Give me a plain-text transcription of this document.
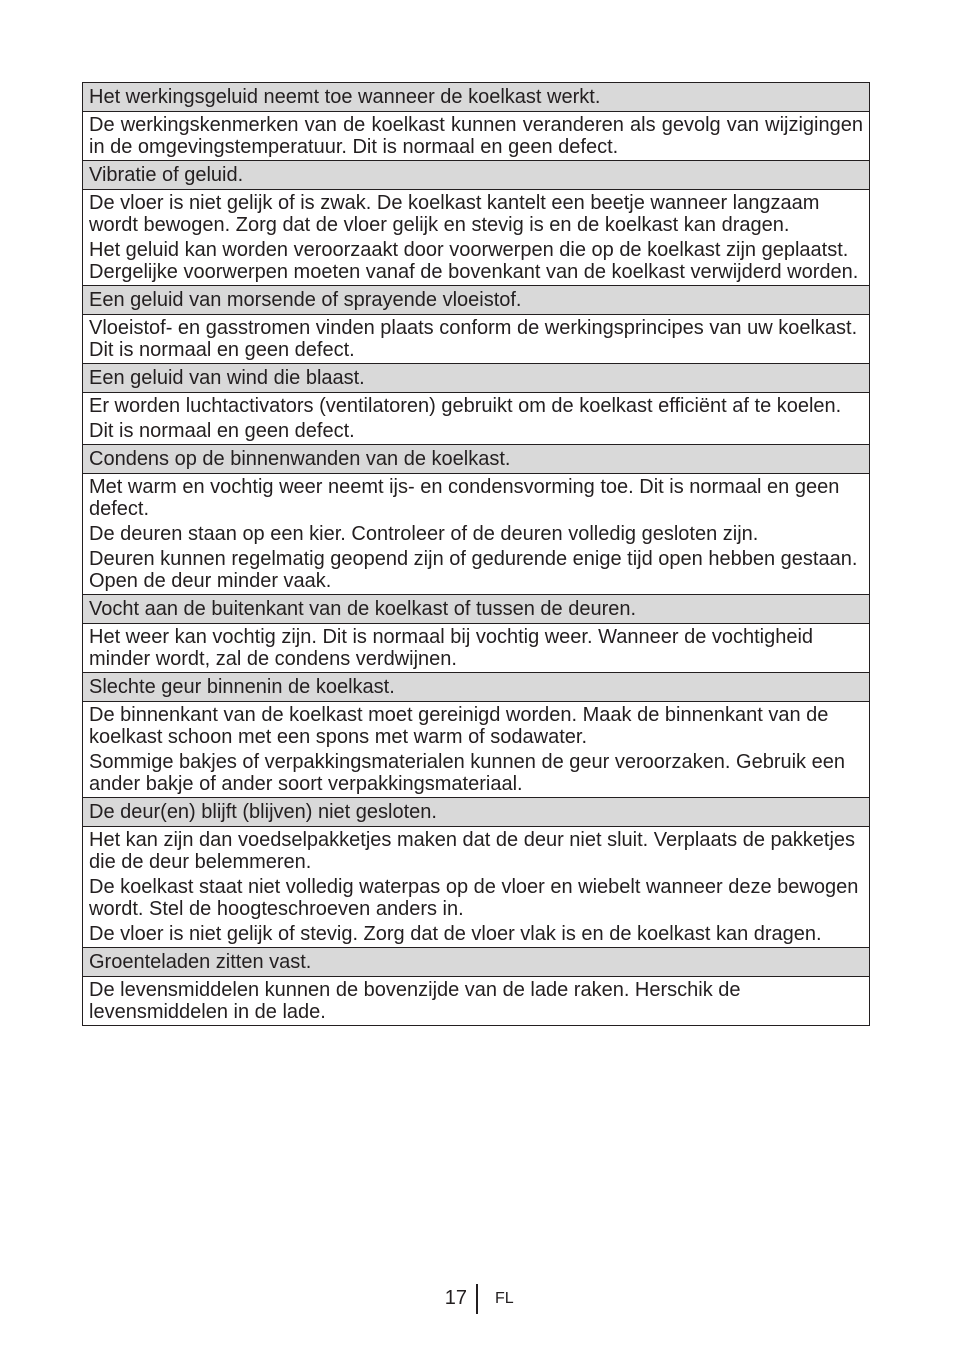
Het werkingsgeluid neemt toe wanneer de koelkast werkt.

De werkingskenmerken van de koelkast kunnen veranderen als gevolg van wijzigingen in de omgevingstemperatuur. Dit is normaal en geen defect.

Vibratie of geluid.

De vloer is niet gelijk of is zwak. De koelkast kantelt een beetje wanneer langzaam wordt bewogen. Zorg dat de vloer gelijk en stevig is en de koelkast kan dragen.

Het geluid kan worden veroorzaakt door voorwerpen die op de koelkast zijn geplaatst. Dergelijke voorwerpen moeten vanaf de bovenkant van de koelkast verwijderd worden.

Een geluid van morsende of sprayende vloeistof.

Vloeistof- en gasstromen vinden plaats conform de werkingsprincipes van uw koelkast. Dit is normaal en geen defect.

Een geluid van wind die blaast.

Er worden luchtactivators (ventilatoren) gebruikt om de koelkast efficiënt af te koelen.

Dit is normaal en geen defect.

Condens op de binnenwanden van de koelkast.

Met warm en vochtig weer neemt ijs- en condensvorming toe. Dit is normaal en geen defect.

De deuren staan op een kier. Controleer of de deuren volledig gesloten zijn.

Deuren kunnen regelmatig geopend zijn of gedurende enige tijd open hebben gestaan. Open de deur minder vaak.

Vocht aan de buitenkant van de koelkast of tussen de deuren.

Het weer kan vochtig zijn. Dit is normaal bij vochtig weer. Wanneer de vochtigheid minder wordt, zal de condens verdwijnen.

Slechte geur binnenin de koelkast.

De binnenkant van de koelkast moet gereinigd worden. Maak de binnenkant van de koelkast schoon met een spons met warm of sodawater.

Sommige bakjes of verpakkingsmaterialen kunnen de geur veroorzaken. Gebruik een ander bakje of ander soort verpakkingsmateriaal.

De deur(en) blijft (blijven) niet gesloten.

Het kan zijn dan voedselpakketjes maken dat de deur niet sluit. Verplaats de pakketjes die de deur belemmeren.

De koelkast staat niet volledig waterpas op de vloer en wiebelt wanneer deze bewogen wordt. Stel de hoogteschroeven anders in.

De vloer is niet gelijk of stevig. Zorg dat de vloer vlak is en de koelkast kan dragen.

Groenteladen zitten vast.

De levensmiddelen kunnen de bovenzijde van de lade raken. Herschik de levensmiddelen in de lade.

17 FL
